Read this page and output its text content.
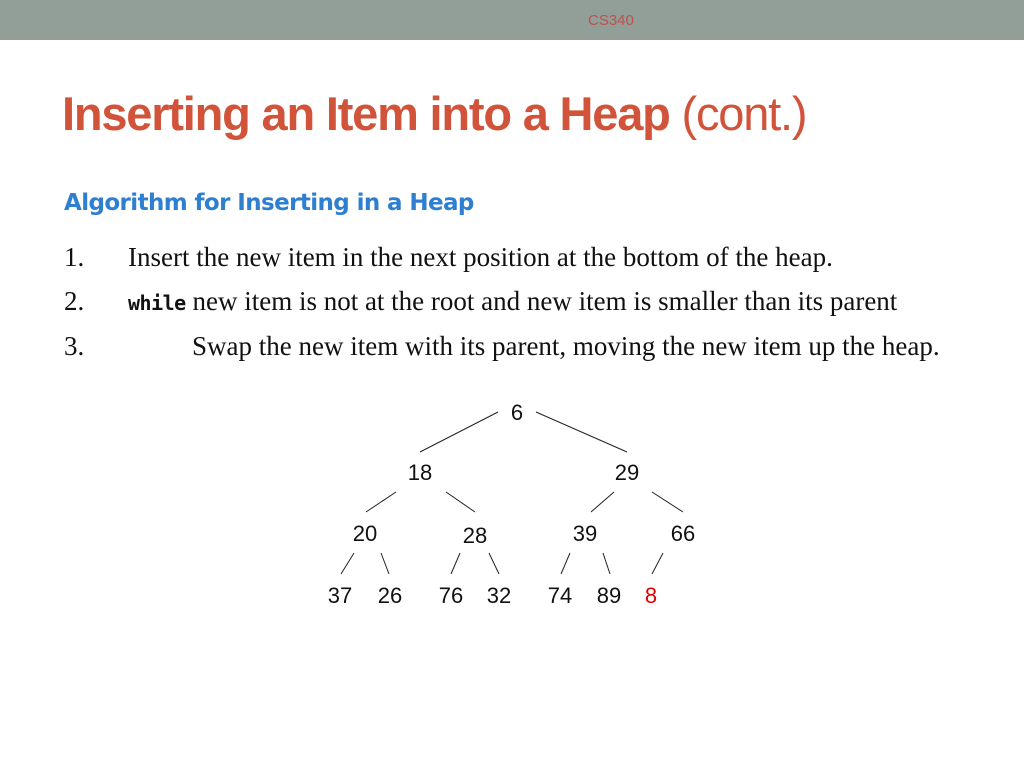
CS340
Inserting an Item into a Heap (cont.)
Algorithm for Inserting in a Heap
1. Insert the new item in the next position at the bottom of the heap.
2. while new item is not at the root and new item is smaller than its parent
3.	Swap the new item with its parent, moving the new item up the heap.
6
18	29
20	28	39	66
37 26 76 32 74 89 8
